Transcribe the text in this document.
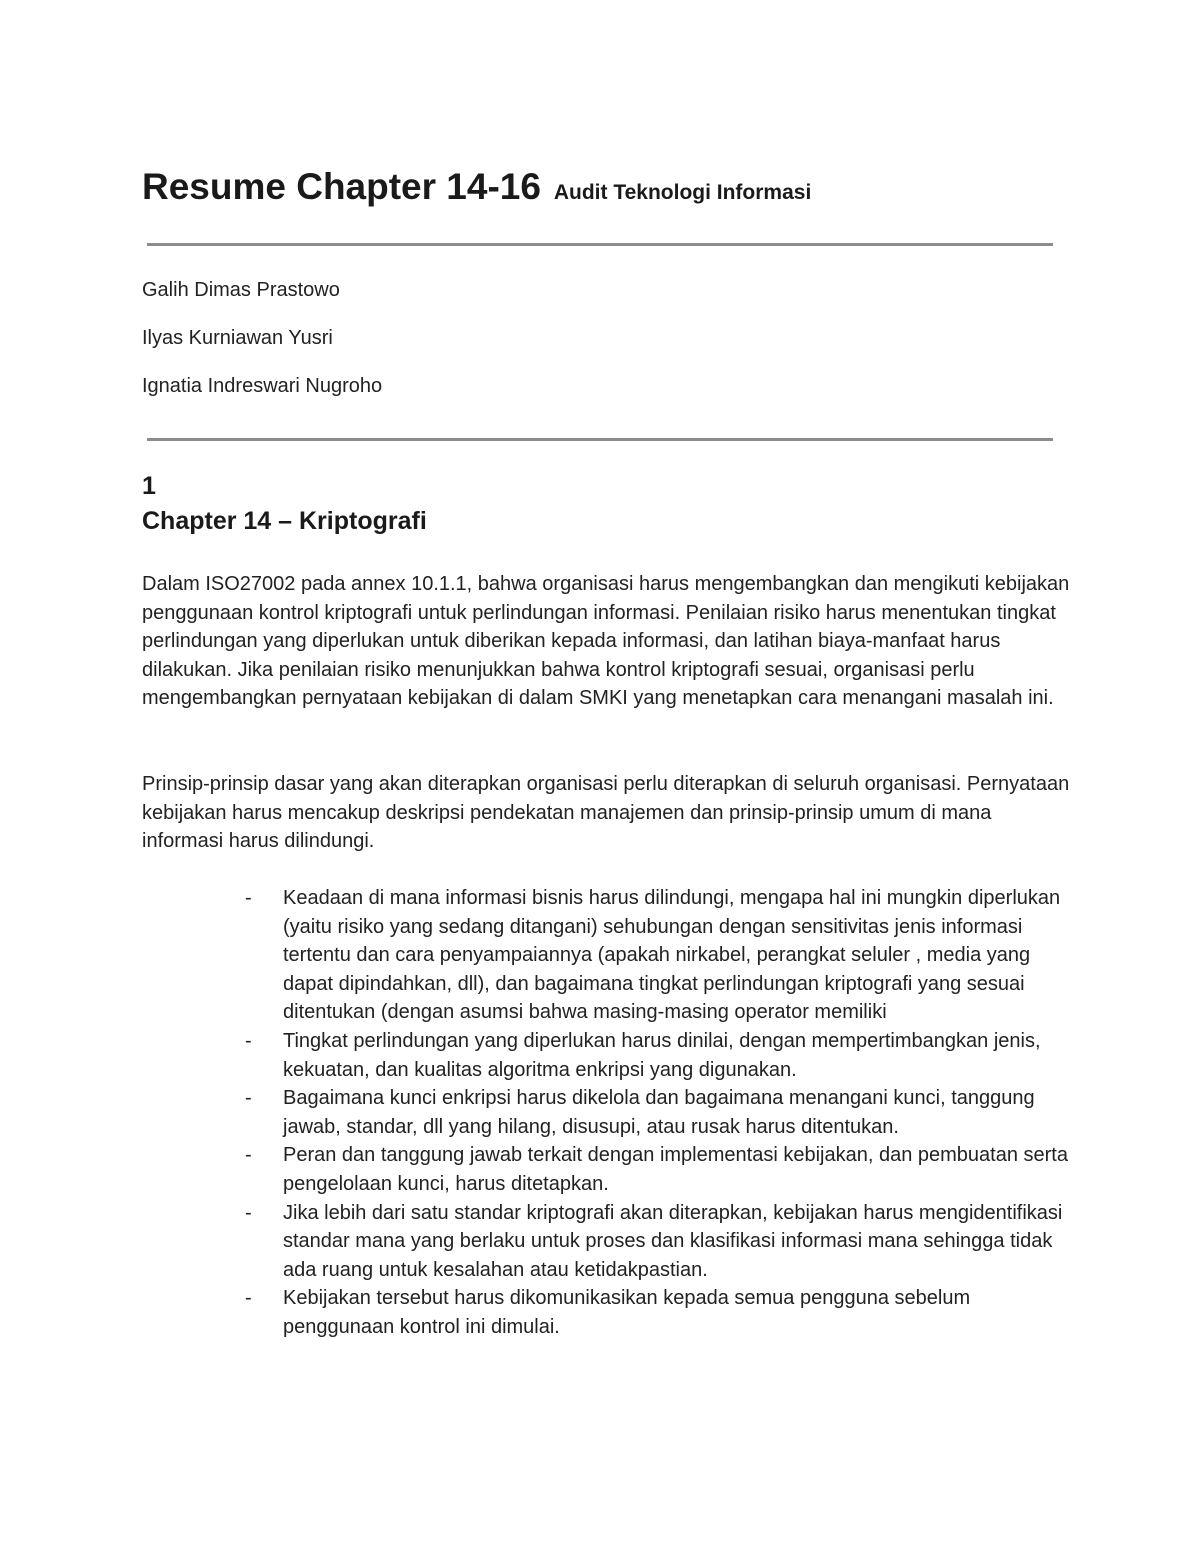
Resume Chapter 14-16 Audit Teknologi Informasi

Galih Dimas Prastowo

Ilyas Kurniawan Yusri

Ignatia Indreswari Nugroho

1

Chapter 14 – Kriptografi

Dalam ISO27002 pada annex 10.1.1, bahwa organisasi harus mengembangkan dan mengikuti kebijakan penggunaan kontrol kriptografi untuk perlindungan informasi. Penilaian risiko harus menentukan tingkat perlindungan yang diperlukan untuk diberikan kepada informasi, dan latihan biaya-manfaat harus dilakukan. Jika penilaian risiko menunjukkan bahwa kontrol kriptografi sesuai, organisasi perlu mengembangkan pernyataan kebijakan di dalam SMKI yang menetapkan cara menangani masalah ini.

Prinsip-prinsip dasar yang akan diterapkan organisasi perlu diterapkan di seluruh organisasi. Pernyataan kebijakan harus mencakup deskripsi pendekatan manajemen dan prinsip-prinsip umum di mana informasi harus dilindungi.

- Keadaan di mana informasi bisnis harus dilindungi, mengapa hal ini mungkin diperlukan (yaitu risiko yang sedang ditangani) sehubungan dengan sensitivitas jenis informasi tertentu dan cara penyampaiannya (apakah nirkabel, perangkat seluler , media yang dapat dipindahkan, dll), dan bagaimana tingkat perlindungan kriptografi yang sesuai ditentukan (dengan asumsi bahwa masing-masing operator memiliki
- Tingkat perlindungan yang diperlukan harus dinilai, dengan mempertimbangkan jenis, kekuatan, dan kualitas algoritma enkripsi yang digunakan.
- Bagaimana kunci enkripsi harus dikelola dan bagaimana menangani kunci, tanggung jawab, standar, dll yang hilang, disusupi, atau rusak harus ditentukan.
- Peran dan tanggung jawab terkait dengan implementasi kebijakan, dan pembuatan serta pengelolaan kunci, harus ditetapkan.
- Jika lebih dari satu standar kriptografi akan diterapkan, kebijakan harus mengidentifikasi standar mana yang berlaku untuk proses dan klasifikasi informasi mana sehingga tidak ada ruang untuk kesalahan atau ketidakpastian.
- Kebijakan tersebut harus dikomunikasikan kepada semua pengguna sebelum penggunaan kontrol ini dimulai.
